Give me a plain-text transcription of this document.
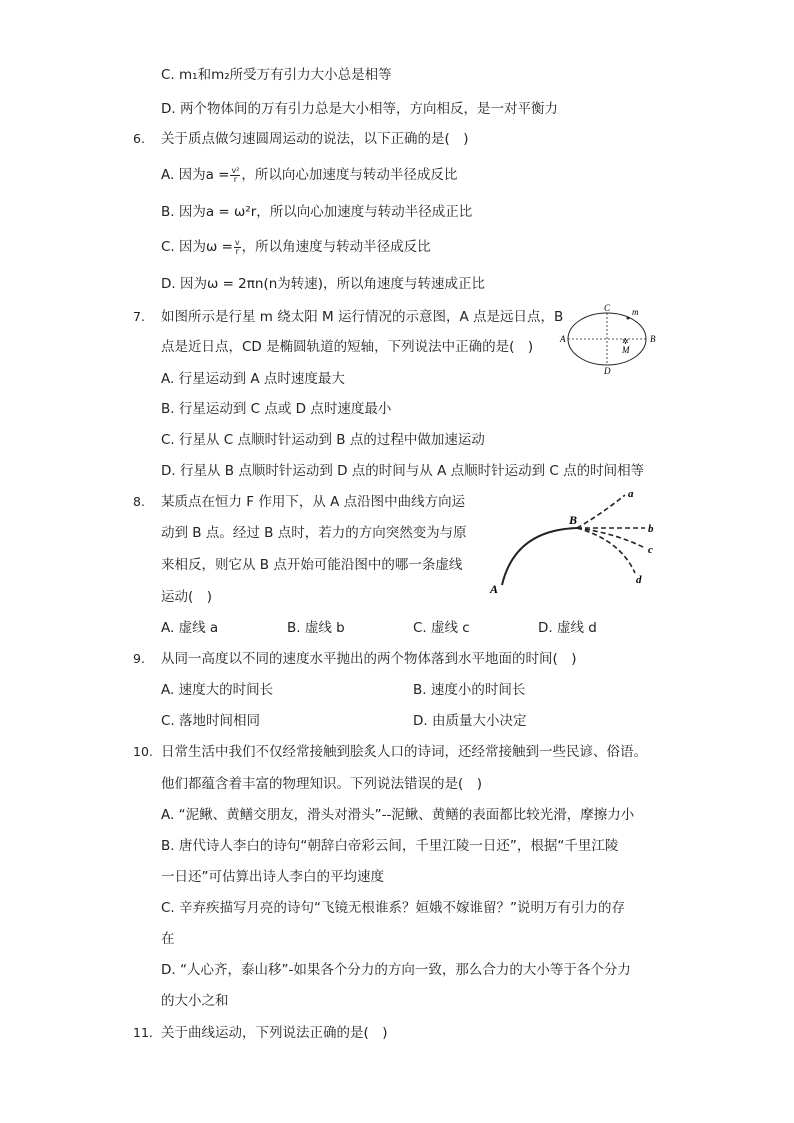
C. m₁和m₂所受万有引力大小总是相等
D. 两个物体间的万有引力总是大小相等，方向相反，是一对平衡力
6. 关于质点做匀速圆周运动的说法，以下正确的是(　)
A. 因为$a = \frac{\text{v²}}{r}$ ，所以向心加速度与转动半径成反比
B. 因为a = ω²r，所以向心加速度与转动半径成正比
C. 因为$\omega = \frac{v}{r}$ ，所以角速度与转动半径成反比
D. 因为ω = 2πn(n为转速)，所以角速度与转速成正比
7. 如图所示是行星 m 绕太阳 M 运行情况的示意图，A 点是远日点，B
点是近日点，CD 是椭圆轨道的短轴，下列说法中正确的是(　)
A. 行星运动到 A 点时速度最大
B. 行星运动到 C 点或 D 点时速度最小
C. 行星从 C 点顺时针运动到 B 点的过程中做加速运动
D. 行星从 B 点顺时针运动到 D 点的时间与从 A 点顺时针运动到 C 点的时间相等
✲
C
D
A	B
m
M
8. 某质点在恒力 F 作用下，从 A 点沿图中曲线方向运
动到 B 点。经过 B 点时，若力的方向突然变为与原
来相反，则它从 B 点开始可能沿图中的哪一条虚线
运动(　)
A. 虚线 a	B. 虚线 b	C. 虚线 c	D. 虚线 d
A
B
a
b
c
d
9. 从同一高度以不同的速度水平抛出的两个物体落到水平地面的时间(　)
A. 速度大的时间长	B. 速度小的时间长
C. 落地时间相同	D. 由质量大小决定
10. 日常生活中我们不仅经常接触到脍炙人口的诗词，还经常接触到一些民谚、俗语。
他们都蕴含着丰富的物理知识。下列说法错误的是(　)
A. “泥鳅、黄鳝交朋友，滑头对滑头”--泥鳅、黄鳝的表面都比较光滑，摩擦力小
B. 唐代诗人李白的诗句“朝辞白帝彩云间，千里江陵一日还”，根据“千里江陵
一日还”可估算出诗人李白的平均速度
C. 辛弃疾描写月亮的诗句“飞镜无根谁系？姮娥不嫁谁留？”说明万有引力的存
在
D. “人心齐，泰山移”-如果各个分力的方向一致，那么合力的大小等于各个分力
的大小之和
11. 关于曲线运动，下列说法正确的是(　)
